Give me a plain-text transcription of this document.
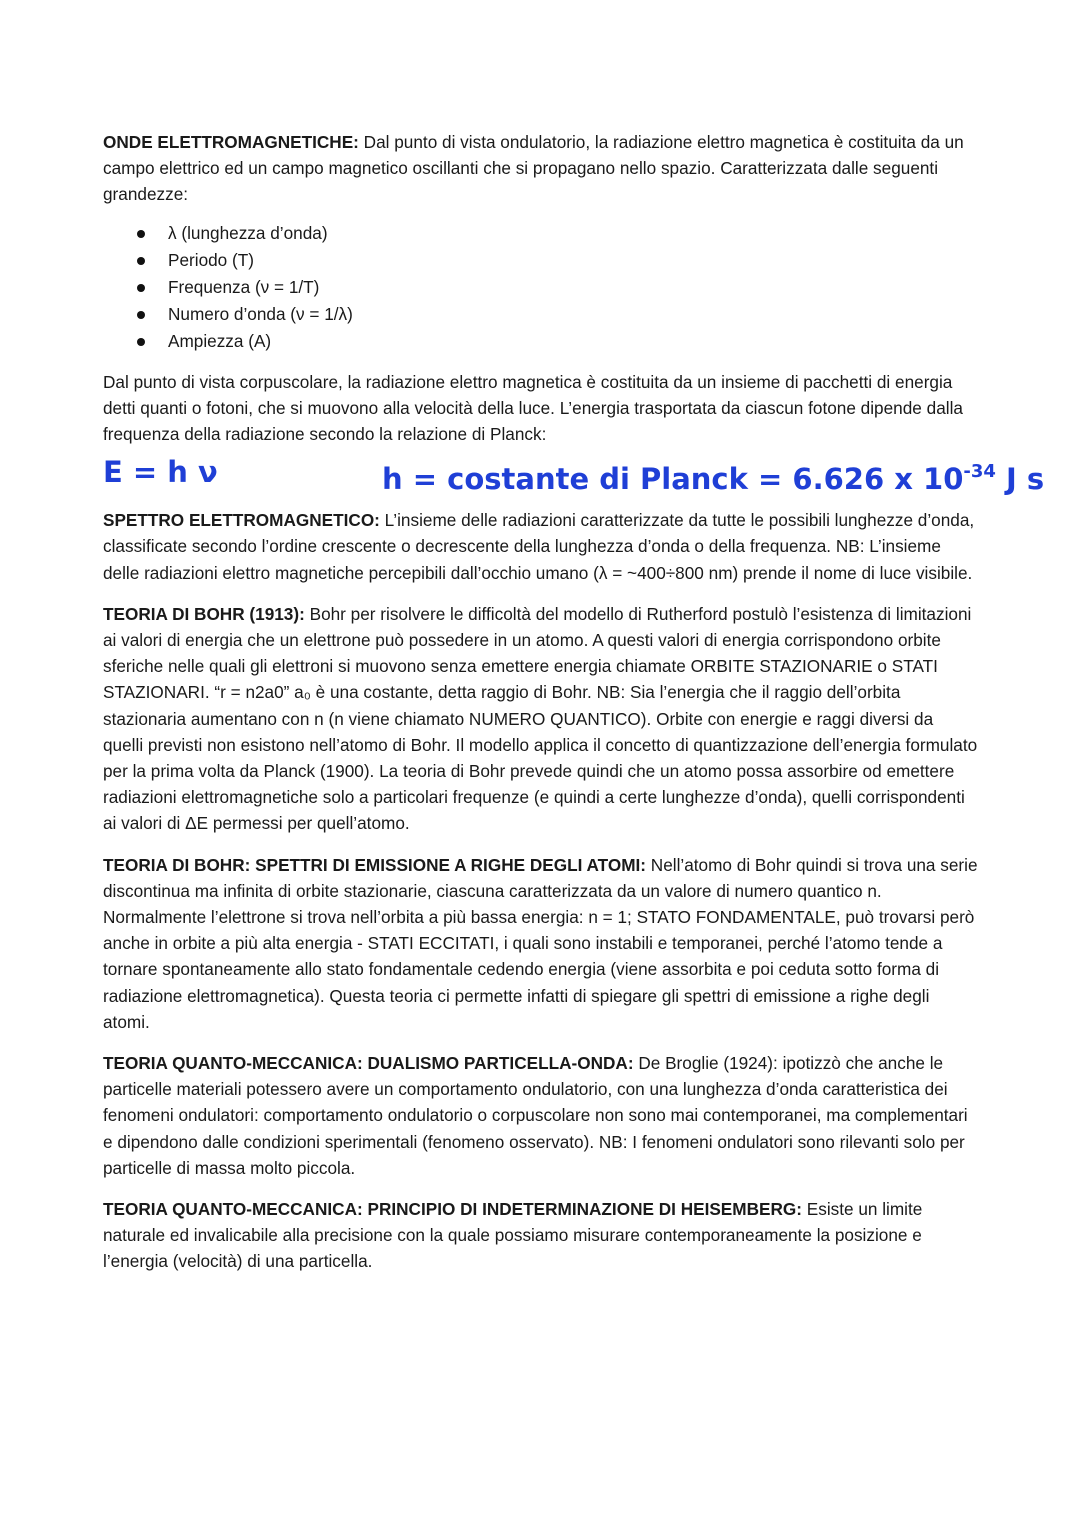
ONDE ELETTROMAGNETICHE: Dal punto di vista ondulatorio, la radiazione elettro magnetica è costituita da un campo elettrico ed un campo magnetico oscillanti che si propagano nello spazio. Caratterizzata dalle seguenti grandezze:

λ (lunghezza d’onda)
Periodo (T)
Frequenza (ν = 1/T)
Numero d’onda (ν = 1/λ)
Ampiezza (A)

Dal punto di vista corpuscolare, la radiazione elettro magnetica è costituita da un insieme di pacchetti di energia detti quanti o fotoni, che si muovono alla velocità della luce. L’energia trasportata da ciascun fotone dipende dalla frequenza della radiazione secondo la relazione di Planck:

E = h ν	h = costante di Planck = 6.626 x $10^{-34}$ J s

SPETTRO ELETTROMAGNETICO: L’insieme delle radiazioni caratterizzate da tutte le possibili lunghezze d’onda, classificate secondo l’ordine crescente o decrescente della lunghezza d’onda o della frequenza. NB: L’insieme delle radiazioni elettro magnetiche percepibili dall’occhio umano (λ = ~400÷800 nm) prende il nome di luce visibile.

TEORIA DI BOHR (1913): Bohr per risolvere le difficoltà del modello di Rutherford postulò l’esistenza di limitazioni ai valori di energia che un elettrone può possedere in un atomo. A questi valori di energia corrispondono orbite sferiche nelle quali gli elettroni si muovono senza emettere energia chiamate ORBITE STAZIONARIE o STATI STAZIONARI. “r = n2a0” a₀ è una costante, detta raggio di Bohr. NB: Sia l’energia che il raggio dell’orbita stazionaria aumentano con n (n viene chiamato NUMERO QUANTICO). Orbite con energie e raggi diversi da quelli previsti non esistono nell’atomo di Bohr. Il modello applica il concetto di quantizzazione dell’energia formulato per la prima volta da Planck (1900). La teoria di Bohr prevede quindi che un atomo possa assorbire od emettere radiazioni elettromagnetiche solo a particolari frequenze (e quindi a certe lunghezze d’onda), quelli corrispondenti ai valori di ΔE permessi per quell’atomo.

TEORIA DI BOHR: SPETTRI DI EMISSIONE A RIGHE DEGLI ATOMI: Nell’atomo di Bohr quindi si trova una serie discontinua ma infinita di orbite stazionarie, ciascuna caratterizzata da un valore di numero quantico n. Normalmente l’elettrone si trova nell’orbita a più bassa energia: n = 1; STATO FONDAMENTALE, può trovarsi però anche in orbite a più alta energia - STATI ECCITATI, i quali sono instabili e temporanei, perché l’atomo tende a tornare spontaneamente allo stato fondamentale cedendo energia (viene assorbita e poi ceduta sotto forma di radiazione elettromagnetica). Questa teoria ci permette infatti di spiegare gli spettri di emissione a righe degli atomi.

TEORIA QUANTO-MECCANICA: DUALISMO PARTICELLA-ONDA: De Broglie (1924): ipotizzò che anche le particelle materiali potessero avere un comportamento ondulatorio, con una lunghezza d’onda caratteristica dei fenomeni ondulatori: comportamento ondulatorio o corpuscolare non sono mai contemporanei, ma complementari e dipendono dalle condizioni sperimentali (fenomeno osservato). NB: I fenomeni ondulatori sono rilevanti solo per particelle di massa molto piccola.

TEORIA QUANTO-MECCANICA: PRINCIPIO DI INDETERMINAZIONE DI HEISEMBERG: Esiste un limite naturale ed invalicabile alla precisione con la quale possiamo misurare contemporaneamente la posizione e l’energia (velocità) di una particella.
